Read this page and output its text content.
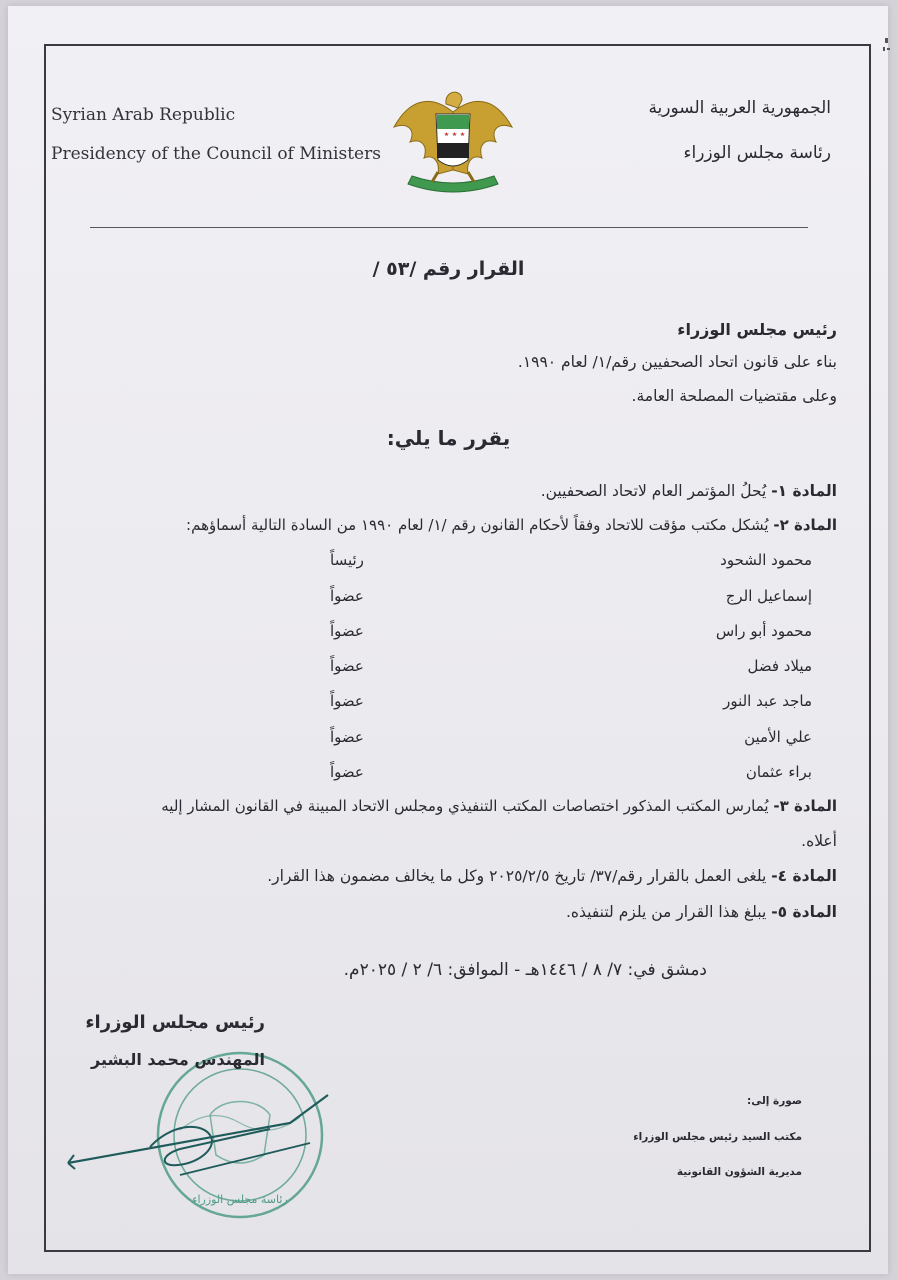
Syrian Arab Republic
Presidency of the Council of Ministers
الجمهورية العربية السورية
رئاسة مجلس الوزراء
القرار رقم /٥٣ /
رئيس مجلس الوزراء
بناء على قانون اتحاد الصحفيين رقم/١/ لعام ١٩٩٠.
وعلى مقتضيات المصلحة العامة.
يقرر ما يلي:
المادة ١- يُحلُ المؤتمر العام لاتحاد الصحفيين.
المادة ٢- يُشكل مكتب مؤقت للاتحاد وفقاً لأحكام القانون رقم /١/ لعام ١٩٩٠ من السادة التالية أسماؤهم:
محمود الشحود
رئيساً
إسماعيل الرج
عضواً
محمود أبو راس
عضواً
ميلاد فضل
عضواً
ماجد عبد النور
عضواً
علي الأمين
عضواً
براء عثمان
عضواً
المادة ٣- يُمارس المكتب المذكور اختصاصات المكتب التنفيذي ومجلس الاتحاد المبينة في القانون المشار إليه
أعلاه.
المادة ٤- يلغى العمل بالقرار رقم/٣٧/ تاريخ ٢٠٢٥/٢/٥ وكل ما يخالف مضمون هذا القرار.
المادة ٥- يبلغ هذا القرار من يلزم لتنفيذه.
دمشق في: ٧/ ٨ / ١٤٤٦هـ - الموافق: ٦/ ٢ / ٢٠٢٥م.
رئيس مجلس الوزراء
رئاسة مجلس الوزراء
المهندس محمد البشير
صورة إلى:
مكتب السيد رئيس مجلس الوزراء
مديرية الشؤون القانونية
